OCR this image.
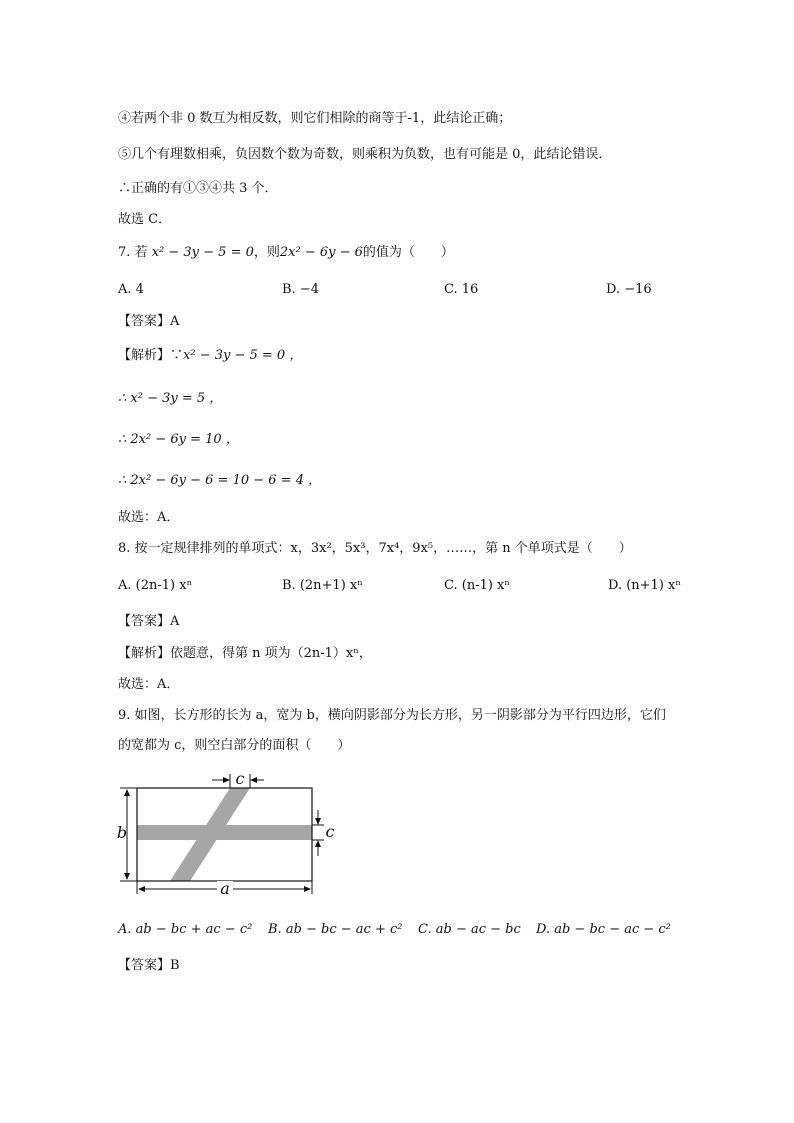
④若两个非 0 数互为相反数，则它们相除的商等于-1，此结论正确；
⑤几个有理数相乘，负因数个数为奇数，则乘积为负数，也有可能是 0，此结论错误．
∴正确的有①③④共 3 个．
故选 C．
7. 若 x² − 3y − 5 = 0，则2x² − 6y − 6的值为（　　）
A. 4	B. −4	C. 16	D. −16
【答案】A
【解析】∵x² − 3y − 5 = 0 ，
∴ x² − 3y = 5 ，
∴ 2x² − 6y = 10 ，
∴ 2x² − 6y − 6 = 10 − 6 = 4 ，
故选：A．
8. 按一定规律排列的单项式：x，3x²，5x³，7x⁴，9x⁵，……，第 n 个单项式是（　　）
A. (2n-1) xⁿ	B. (2n+1) xⁿ	C. (n-1) xⁿ	D. (n+1) xⁿ
【答案】A
【解析】依题意，得第 n 项为（2n-1）xⁿ，
故选：A．
9. 如图，长方形的长为 a，宽为 b，横向阴影部分为长方形，另一阴影部分为平行四边形，它们的宽都为 c，则空白部分的面积（　　）
b
a
c
c
A. ab − bc + ac − c² B. ab − bc − ac + c² C. ab − ac − bc D. ab − bc − ac − c²
【答案】B
